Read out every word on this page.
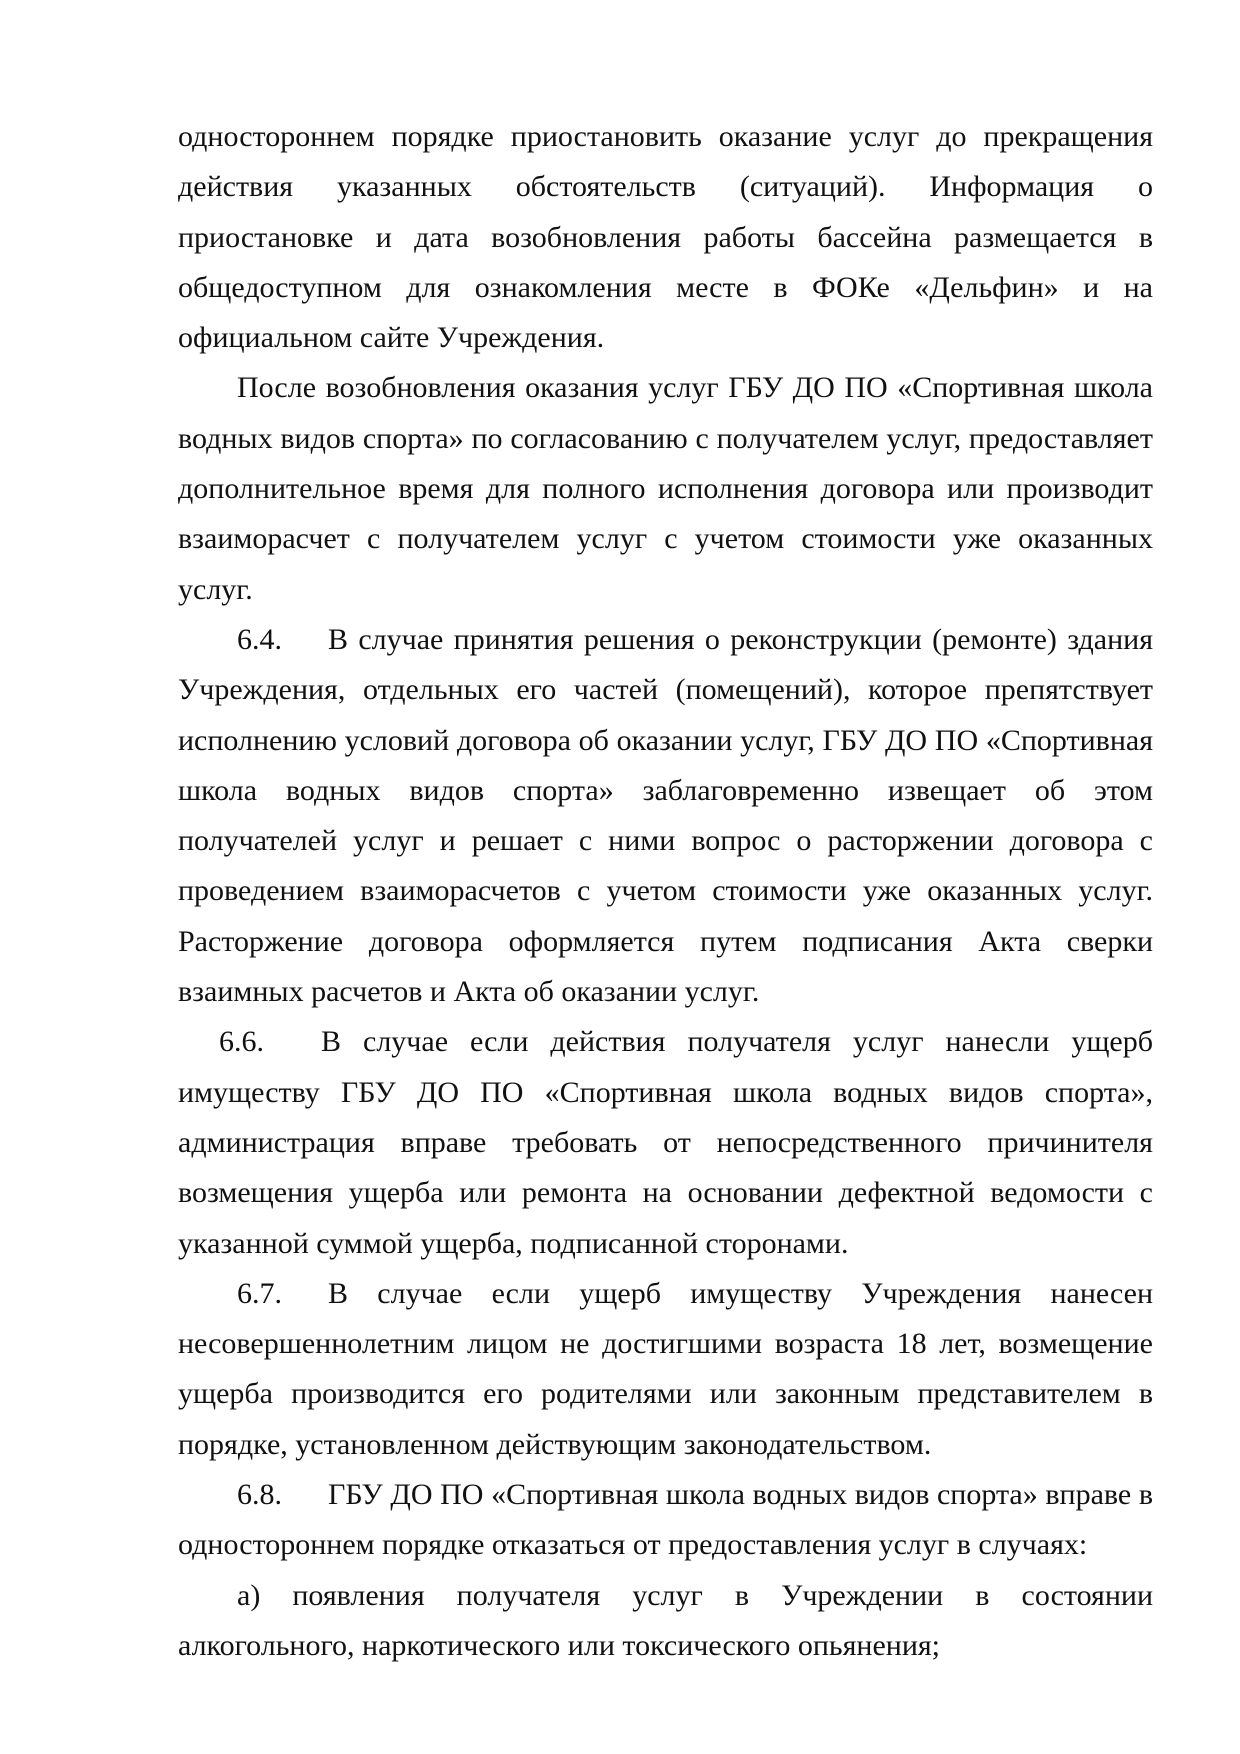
одностороннем порядке приостановить оказание услуг до прекращения действия указанных обстоятельств (ситуаций). Информация о приостановке и дата возобновления работы бассейна размещается в общедоступном для ознакомления месте в ФОКе «Дельфин» и на официальном сайте Учреждения.

После возобновления оказания услуг ГБУ ДО ПО «Спортивная школа водных видов спорта» по согласованию с получателем услуг, предоставляет дополнительное время для полного исполнения договора или производит взаиморасчет с получателем услуг с учетом стоимости уже оказанных услуг.

6.4. В случае принятия решения о реконструкции (ремонте) здания Учреждения, отдельных его частей (помещений), которое препятствует исполнению условий договора об оказании услуг, ГБУ ДО ПО «Спортивная школа водных видов спорта» заблаговременно извещает об этом получателей услуг и решает с ними вопрос о расторжении договора с проведением взаиморасчетов с учетом стоимости уже оказанных услуг. Расторжение договора оформляется путем подписания Акта сверки взаимных расчетов и Акта об оказании услуг.

6.6. В случае если действия получателя услуг нанесли ущерб имуществу ГБУ ДО ПО «Спортивная школа водных видов спорта», администрация вправе требовать от непосредственного причинителя возмещения ущерба или ремонта на основании дефектной ведомости с указанной суммой ущерба, подписанной сторонами.

6.7. В случае если ущерб имуществу Учреждения нанесен несовершеннолетним лицом не достигшими возраста 18 лет, возмещение ущерба производится его родителями или законным представителем в порядке, установленном действующим законодательством.

6.8. ГБУ ДО ПО «Спортивная школа водных видов спорта» вправе в одностороннем порядке отказаться от предоставления услуг в случаях:

а) появления получателя услуг в Учреждении в состоянии алкогольного, наркотического или токсического опьянения;
